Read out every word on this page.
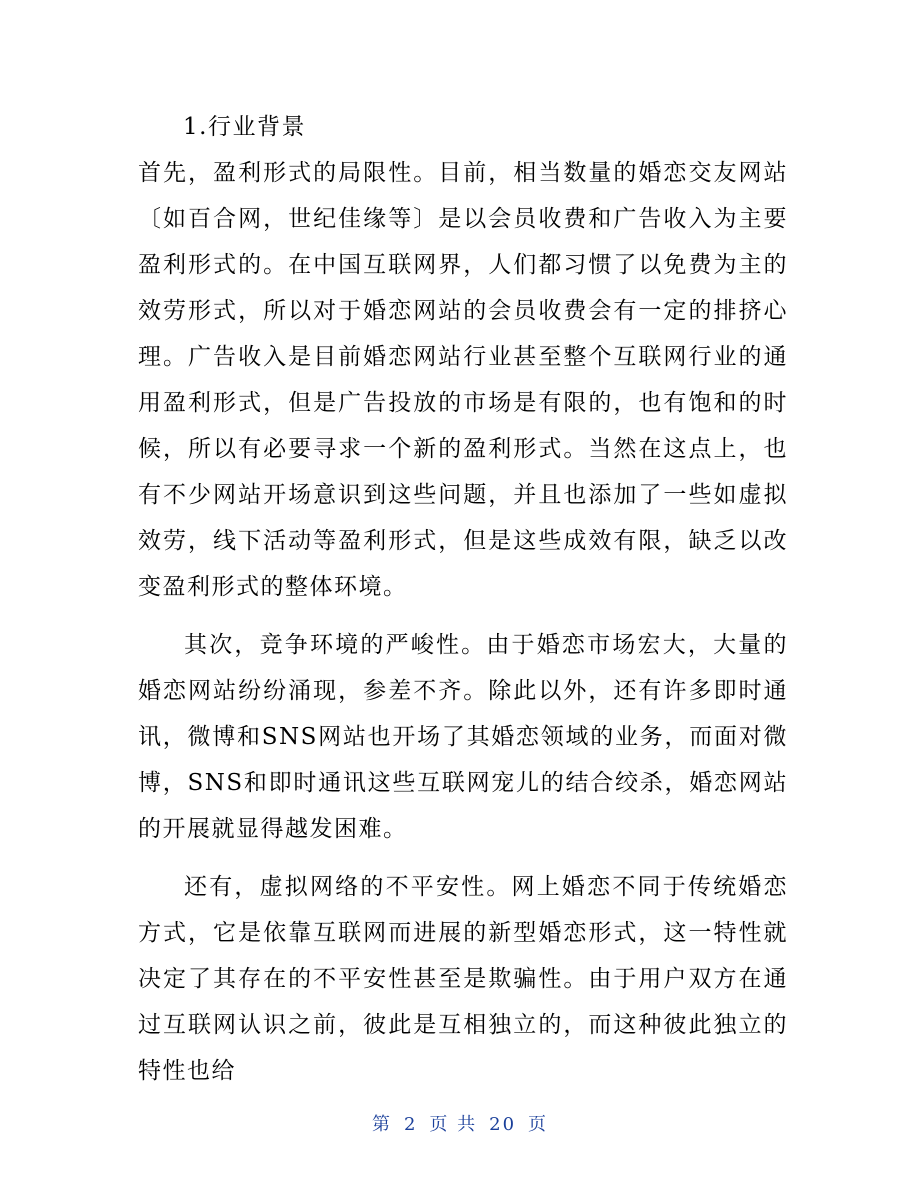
1.行业背景

首先，盈利形式的局限性。目前，相当数量的婚恋交友网站〔如百合网，世纪佳缘等〕是以会员收费和广告收入为主要盈利形式的。在中国互联网界，人们都习惯了以免费为主的效劳形式，所以对于婚恋网站的会员收费会有一定的排挤心理。广告收入是目前婚恋网站行业甚至整个互联网行业的通用盈利形式，但是广告投放的市场是有限的，也有饱和的时候，所以有必要寻求一个新的盈利形式。当然在这点上，也有不少网站开场意识到这些问题，并且也添加了一些如虚拟效劳，线下活动等盈利形式，但是这些成效有限，缺乏以改变盈利形式的整体环境。

其次，竞争环境的严峻性。由于婚恋市场宏大，大量的婚恋网站纷纷涌现，参差不齐。除此以外，还有许多即时通讯，微博和SNS网站也开场了其婚恋领域的业务，而面对微博，SNS和即时通讯这些互联网宠儿的结合绞杀，婚恋网站的开展就显得越发困难。

还有，虚拟网络的不平安性。网上婚恋不同于传统婚恋方式，它是依靠互联网而进展的新型婚恋形式，这一特性就决定了其存在的不平安性甚至是欺骗性。由于用户双方在通过互联网认识之前，彼此是互相独立的，而这种彼此独立的特性也给

第 2 页 共 20 页
